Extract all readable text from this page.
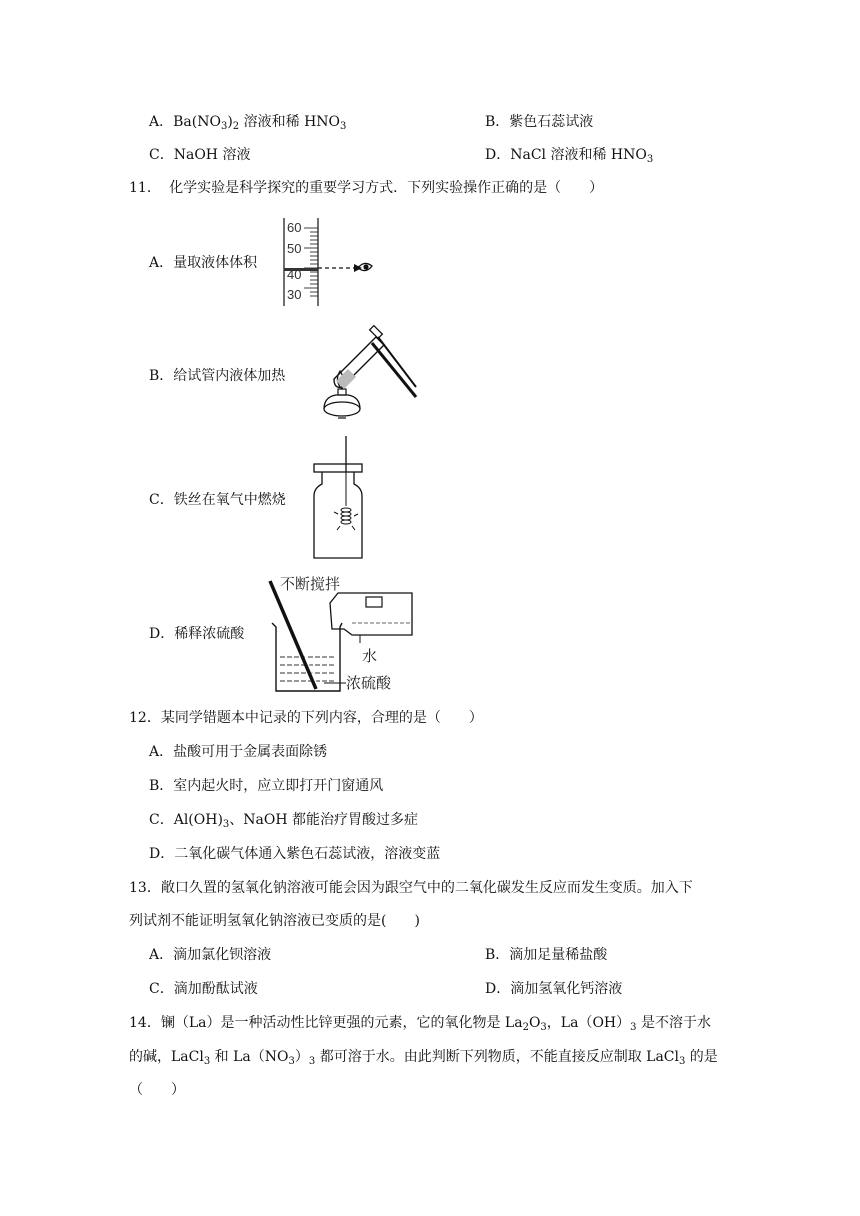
A．$Ba(NO_3)_2$ 溶液和稀 $HNO_3$	B．紫色石蕊试液
C．NaOH 溶液	D．NaCl 溶液和稀 $HNO_3$
11. 化学实验是科学探究的重要学习方式．下列实验操作正确的是（　　）
A．量取液体体积
60
50
40
30
B．给试管内液体加热
C．铁丝在氧气中燃烧
D．稀释浓硫酸
不断搅拌
水
浓硫酸
12．某同学错题本中记录的下列内容，合理的是（　　）
A．盐酸可用于金属表面除锈
B．室内起火时，应立即打开门窗通风
C．$Al(OH)_3$、NaOH 都能治疗胃酸过多症
D．二氧化碳气体通入紫色石蕊试液，溶液变蓝
13．敞口久置的氢氧化钠溶液可能会因为跟空气中的二氧化碳发生反应而发生变质。加入下
列试剂不能证明氢氧化钠溶液已变质的是(　　)
A．滴加氯化钡溶液	B．滴加足量稀盐酸
C．滴加酚酞试液	D．滴加氢氧化钙溶液
14．镧（La）是一种活动性比锌更强的元素，它的氧化物是 $La_2O_3$，$La(OH)_3$ 是不溶于水
的碱，LaCl$_3$ 和 $La(NO_3)_3$ 都可溶于水。由此判断下列物质，不能直接反应制取 LaCl$_3$ 的是
（　　）
